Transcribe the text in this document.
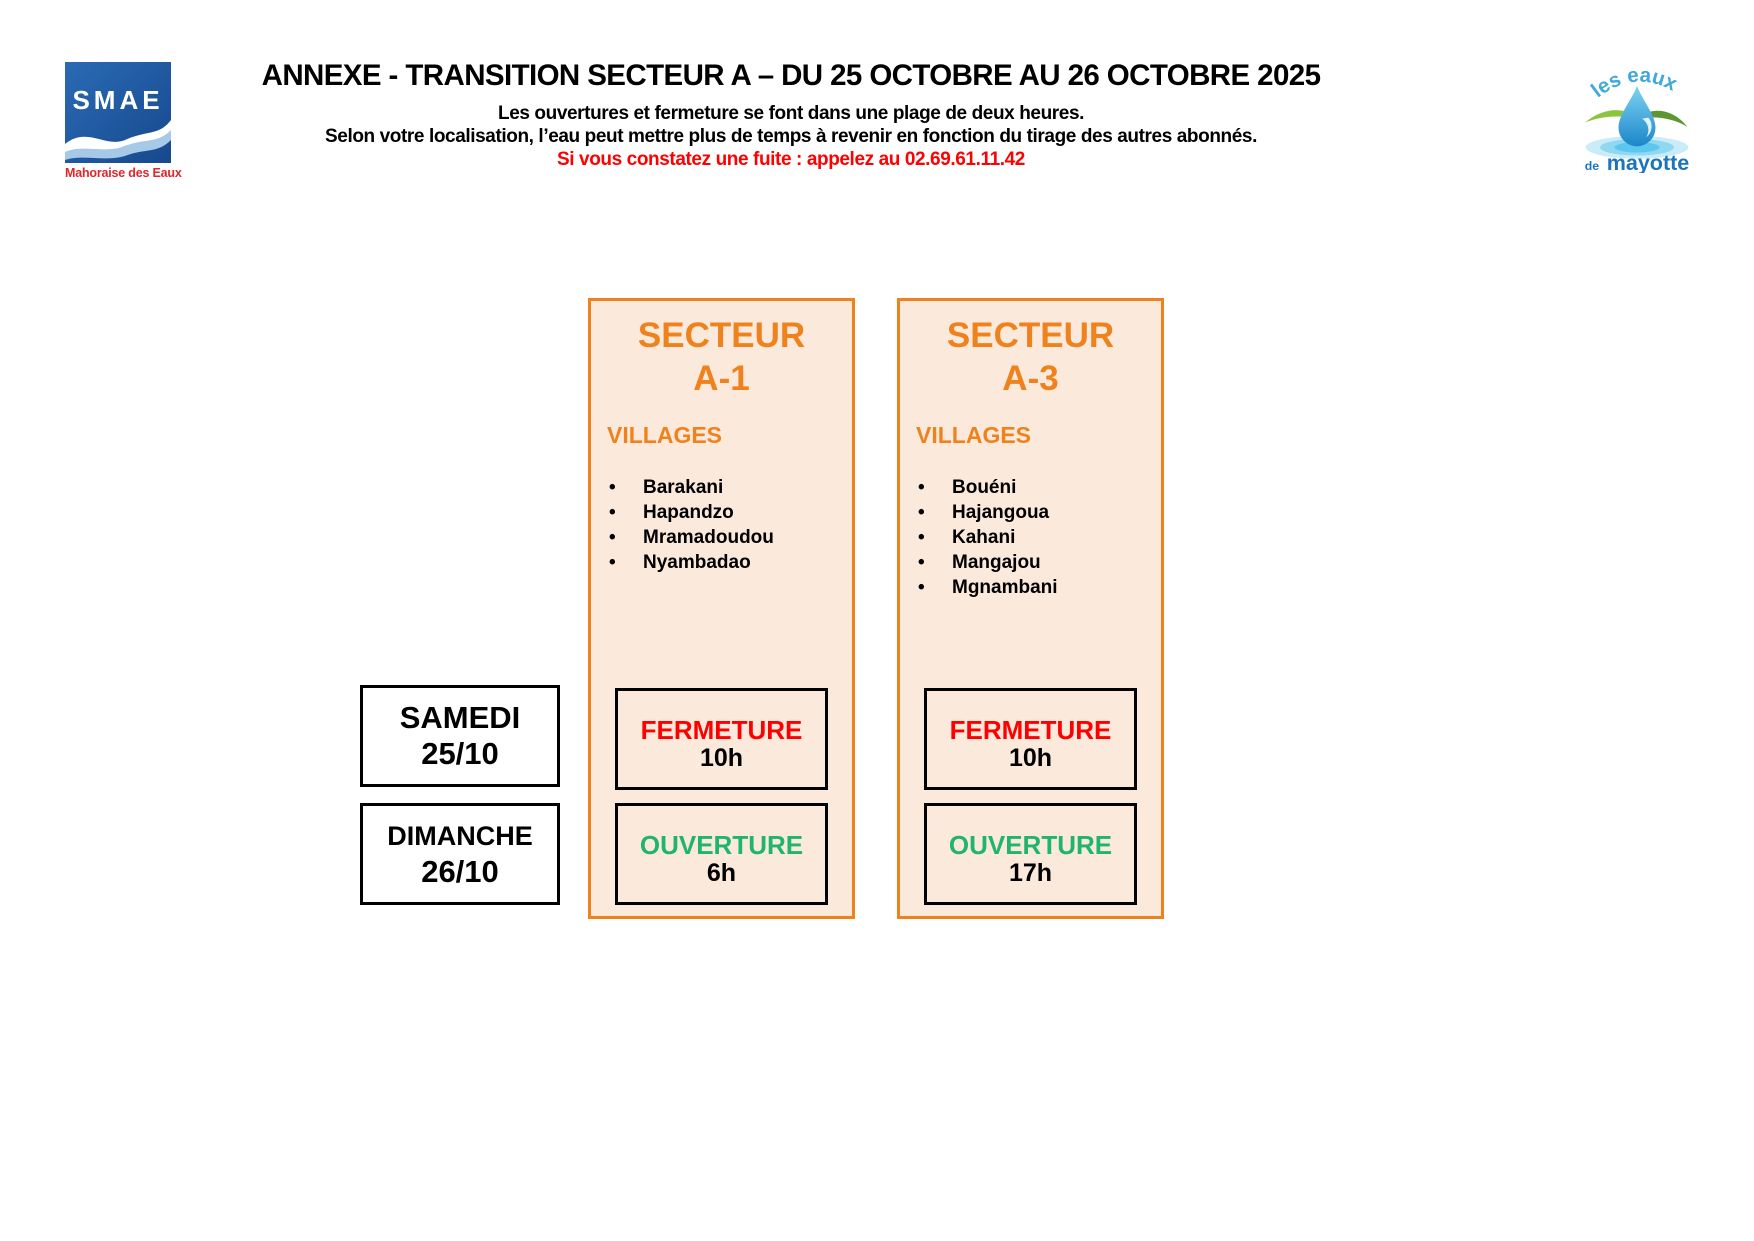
SMAE
Mahoraise des Eaux
ANNEXE - TRANSITION SECTEUR A – DU 25 OCTOBRE AU 26 OCTOBRE 2025

Les ouvertures et fermeture se font dans une plage de deux heures.

Selon votre localisation, l’eau peut mettre plus de temps à revenir en fonction du tirage des autres abonnés.

Si vous constatez une fuite : appelez au 02.69.61.11.42

les eaux
de mayotte
SAMEDI
25/10
DIMANCHE
26/10
SECTEUR
A-1
VILLAGES
• Barakani
• Hapandzo
• Mramadoudou
• Nyambadao
FERMETURE
10h
OUVERTURE
6h
SECTEUR
A-3
VILLAGES
• Bouéni
• Hajangoua
• Kahani
• Mangajou
• Mgnambani
FERMETURE
10h
OUVERTURE
17h
